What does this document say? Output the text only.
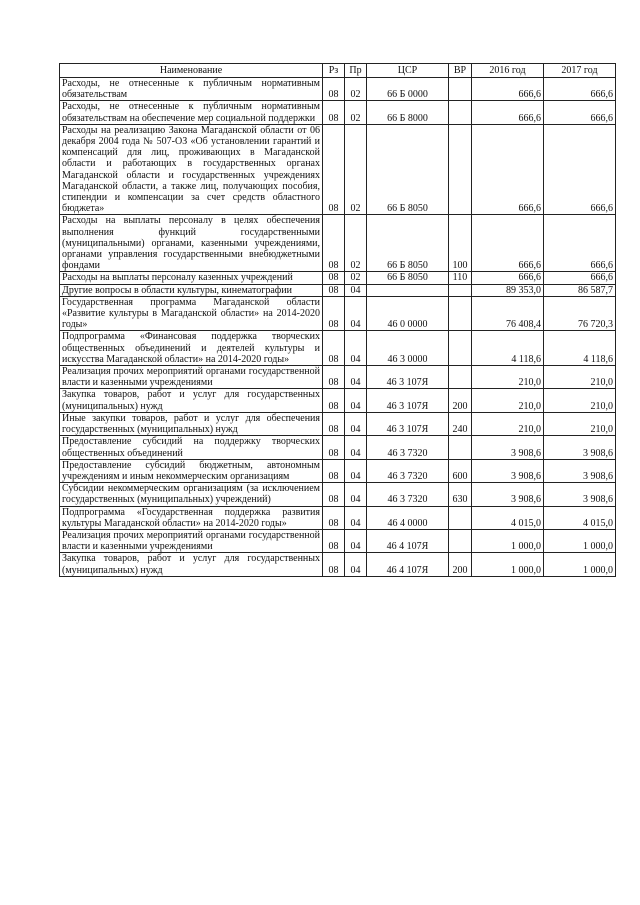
Наименование	Рз	Пр	ЦСР	ВР	2016 год	2017 год
Расходы, не отнесенные к публичным нормативным обязательствам	08	02	66 Б 0000		666,6	666,6
Расходы, не отнесенные к публичным нормативным обязательствам на обеспечение мер социальной поддержки	08	02	66 Б 8000		666,6	666,6
Расходы на реализацию Закона Магаданской области от 06 декабря 2004 года № 507-ОЗ «Об установлении гарантий и компенсаций для лиц, проживающих в Магаданской области и работающих в государственных органах Магаданской области и государственных учреждениях Магаданской области, а также лиц, получающих пособия, стипендии и компенсации за счет средств областного бюджета»	08	02	66 Б 8050		666,6	666,6
Расходы на выплаты персоналу в целях обеспечения выполнения функций государственными (муниципальными) органами, казенными учреждениями, органами управления государственными внебюджетными фондами	08	02	66 Б 8050	100	666,6	666,6
Расходы на выплаты персоналу казенных учреждений	08	02	66 Б 8050	110	666,6	666,6
Другие вопросы в области культуры, кинематографии	08	04			89 353,0	86 587,7
Государственная программа Магаданской области «Развитие культуры в Магаданской области» на 2014-2020 годы»	08	04	46 0 0000		76 408,4	76 720,3
Подпрограмма «Финансовая поддержка творческих общественных объединений и деятелей культуры и искусства Магаданской области» на 2014-2020 годы»	08	04	46 3 0000		4 118,6	4 118,6
Реализация прочих мероприятий органами государственной власти и казенными учреждениями	08	04	46 3 107Я		210,0	210,0
Закупка товаров, работ и услуг для государственных (муниципальных) нужд	08	04	46 3 107Я	200	210,0	210,0
Иные закупки товаров, работ и услуг для обеспечения государственных (муниципальных) нужд	08	04	46 3 107Я	240	210,0	210,0
Предоставление субсидий на поддержку творческих общественных объединений	08	04	46 3 7320		3 908,6	3 908,6
Предоставление субсидий бюджетным, автономным учреждениям и иным некоммерческим организациям	08	04	46 3 7320	600	3 908,6	3 908,6
Субсидии некоммерческим организациям (за исключением государственных (муниципальных) учреждений)	08	04	46 3 7320	630	3 908,6	3 908,6
Подпрограмма «Государственная поддержка развития культуры Магаданской области» на 2014-2020 годы»	08	04	46 4 0000		4 015,0	4 015,0
Реализация прочих мероприятий органами государственной власти и казенными учреждениями	08	04	46 4 107Я		1 000,0	1 000,0
Закупка товаров, работ и услуг для государственных (муниципальных) нужд	08	04	46 4 107Я	200	1 000,0	1 000,0
